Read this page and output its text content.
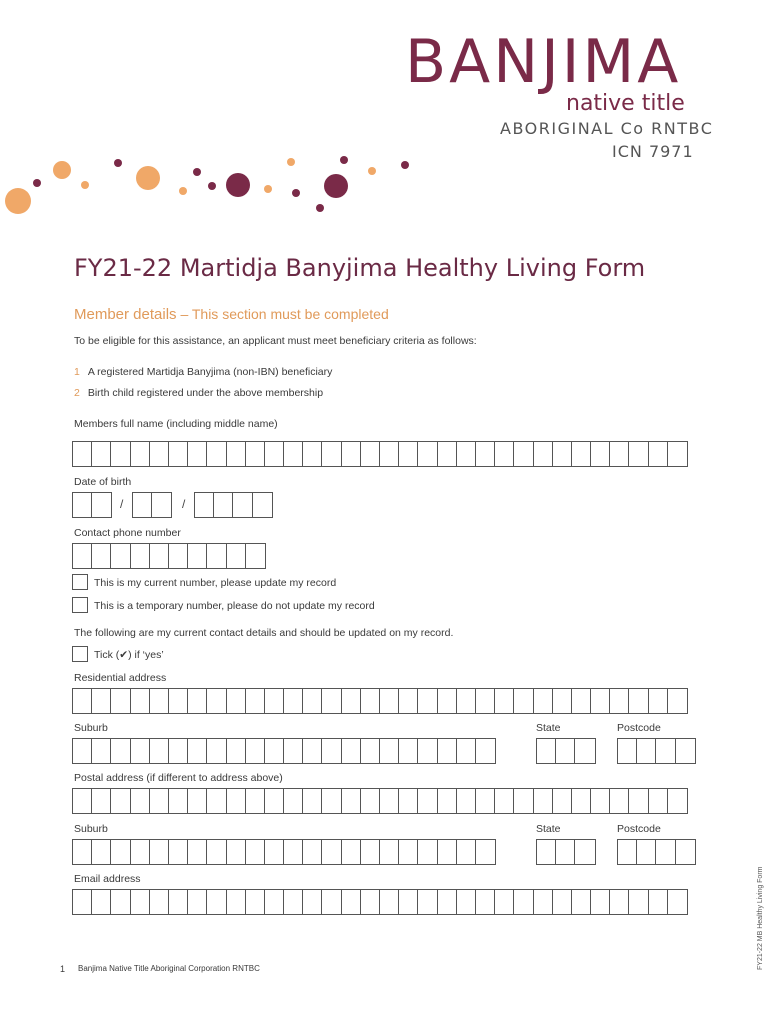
BANJIMA
native title
ABORIGINAL Co RNTBC
ICN 7971
FY21-22 Martidja Banyjima Healthy Living Form
Member details – This section must be completed
To be eligible for this assistance, an applicant must meet beneficiary criteria as follows:
1 A registered Martidja Banyjima (non-IBN) beneficiary
2 Birth child registered under the above membership
Members full name (including middle name)
Date of birth
/	/
Contact phone number
This is my current number, please update my record
This is a temporary number, please do not update my record
The following are my current contact details and should be updated on my record.
Tick (✔) if ‘yes’
Residential address
Suburb	State	Postcode
Postal address (if different to address above)
Suburb	State	Postcode
Email address
1 Banjima Native Title Aboriginal Corporation RNTBC	FY21-22 MB Healthy Living Form
